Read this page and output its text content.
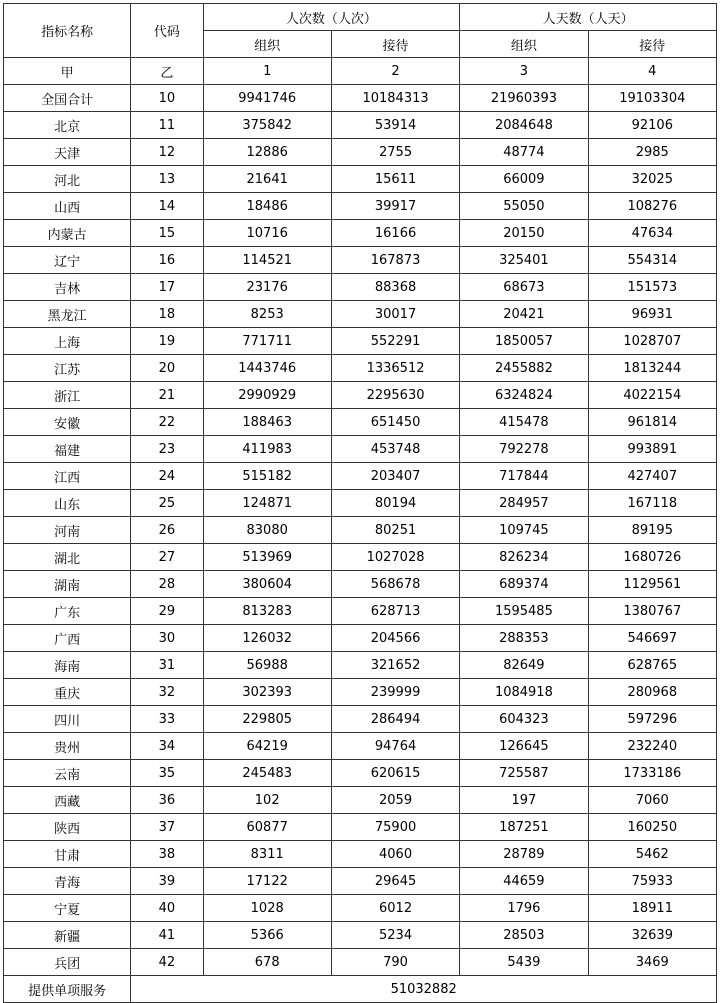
指标名称	代码	人次数（人次）		人天数（人天）	
		组织	接待	组织	接待
甲	乙	1	2	3	4
全国合计	10	9941746	10184313	21960393	19103304
北京	11	375842	53914	2084648	92106
天津	12	12886	2755	48774	2985
河北	13	21641	15611	66009	32025
山西	14	18486	39917	55050	108276
内蒙古	15	10716	16166	20150	47634
辽宁	16	114521	167873	325401	554314
吉林	17	23176	88368	68673	151573
黑龙江	18	8253	30017	20421	96931
上海	19	771711	552291	1850057	1028707
江苏	20	1443746	1336512	2455882	1813244
浙江	21	2990929	2295630	6324824	4022154
安徽	22	188463	651450	415478	961814
福建	23	411983	453748	792278	993891
江西	24	515182	203407	717844	427407
山东	25	124871	80194	284957	167118
河南	26	83080	80251	109745	89195
湖北	27	513969	1027028	826234	1680726
湖南	28	380604	568678	689374	1129561
广东	29	813283	628713	1595485	1380767
广西	30	126032	204566	288353	546697
海南	31	56988	321652	82649	628765
重庆	32	302393	239999	1084918	280968
四川	33	229805	286494	604323	597296
贵州	34	64219	94764	126645	232240
云南	35	245483	620615	725587	1733186
西藏	36	102	2059	197	7060
陕西	37	60877	75900	187251	160250
甘肃	38	8311	4060	28789	5462
青海	39	17122	29645	44659	75933
宁夏	40	1028	6012	1796	18911
新疆	41	5366	5234	28503	32639
兵团	42	678	790	5439	3469
提供单项服务	51032882				
